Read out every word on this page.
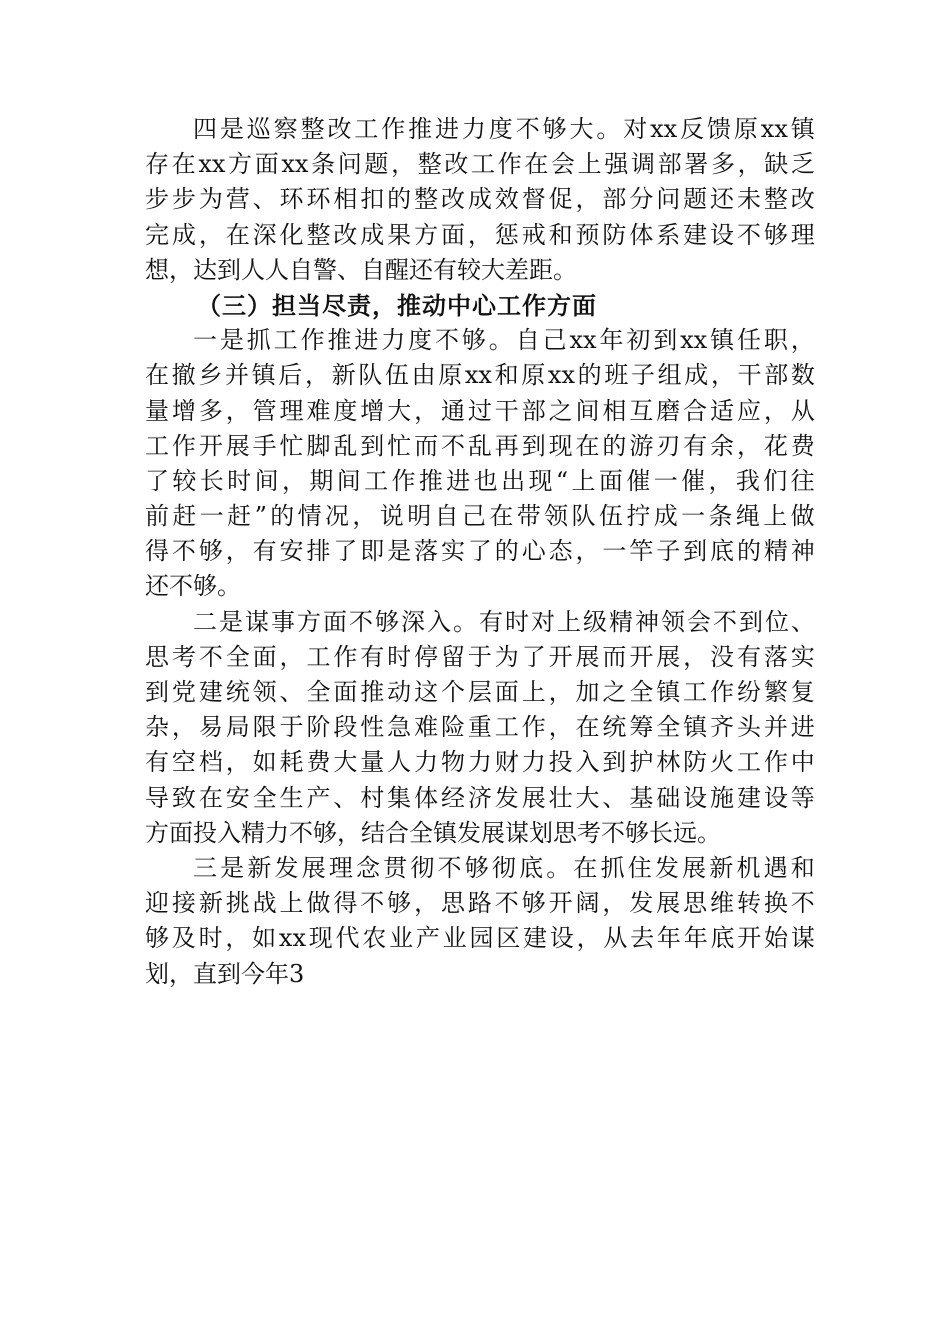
四 是 巡 察 整 改 工 作 推 进 力 度 不 够 大 。 对 xx 反 馈 原 xx 镇
存 在 xx 方 面 xx 条 问 题 ， 整 改 工 作 在 会 上 强 调 部 署 多 ， 缺 乏
步 步 为 营 、 环 环 相 扣 的 整 改 成 效 督 促 ， 部 分 问 题 还 未 整 改
完 成 ， 在 深 化 整 改 成 果 方 面 ， 惩 戒 和 预 防 体 系 建 设 不 够 理
想，达到人人自警、自醒还有较大差距。
（三）担当尽责，推动中心工作方面
一 是 抓 工 作 推 进 力 度 不 够 。 自 己 xx 年 初 到 xx 镇 任 职 ，
在 撤 乡 并 镇 后 ， 新 队 伍 由 原 xx 和 原 xx 的 班 子 组 成 ， 干 部 数
量 增 多 ， 管 理 难 度 增 大 ， 通 过 干 部 之 间 相 互 磨 合 适 应 ， 从
工 作 开 展 手 忙 脚 乱 到 忙 而 不 乱 再 到 现 在 的 游 刃 有 余 ， 花 费
了 较 长 时 间 ， 期 间 工 作 推 进 也 出 现 “ 上 面 催 一 催 ， 我 们 往
前 赶 一 赶 ” 的 情 况 ， 说 明 自 己 在 带 领 队 伍 拧 成 一 条 绳 上 做
得 不 够 ， 有 安 排 了 即 是 落 实 了 的 心 态 ， 一 竿 子 到 底 的 精 神
还不够。
二 是 谋 事 方 面 不 够 深 入 。 有 时 对 上 级 精 神 领 会 不 到 位 、
思 考 不 全 面 ， 工 作 有 时 停 留 于 为 了 开 展 而 开 展 ， 没 有 落 实
到 党 建 统 领 、 全 面 推 动 这 个 层 面 上 ， 加 之 全 镇 工 作 纷 繁 复
杂 ， 易 局 限 于 阶 段 性 急 难 险 重 工 作 ， 在 统 筹 全 镇 齐 头 并 进
有 空 档 ， 如 耗 费 大 量 人 力 物 力 财 力 投 入 到 护 林 防 火 工 作 中
导 致 在 安 全 生 产 、 村 集 体 经 济 发 展 壮 大 、 基 础 设 施 建 设 等
方面投入精力不够，结合全镇发展谋划思考不够长远。
三 是 新 发 展 理 念 贯 彻 不 够 彻 底 。 在 抓 住 发 展 新 机 遇 和
迎 接 新 挑 战 上 做 得 不 够 ， 思 路 不 够 开 阔 ， 发 展 思 维 转 换 不
够 及 时 ， 如 xx 现 代 农 业 产 业 园 区 建 设 ， 从 去 年 年 底 开 始 谋
划，直到今年3
